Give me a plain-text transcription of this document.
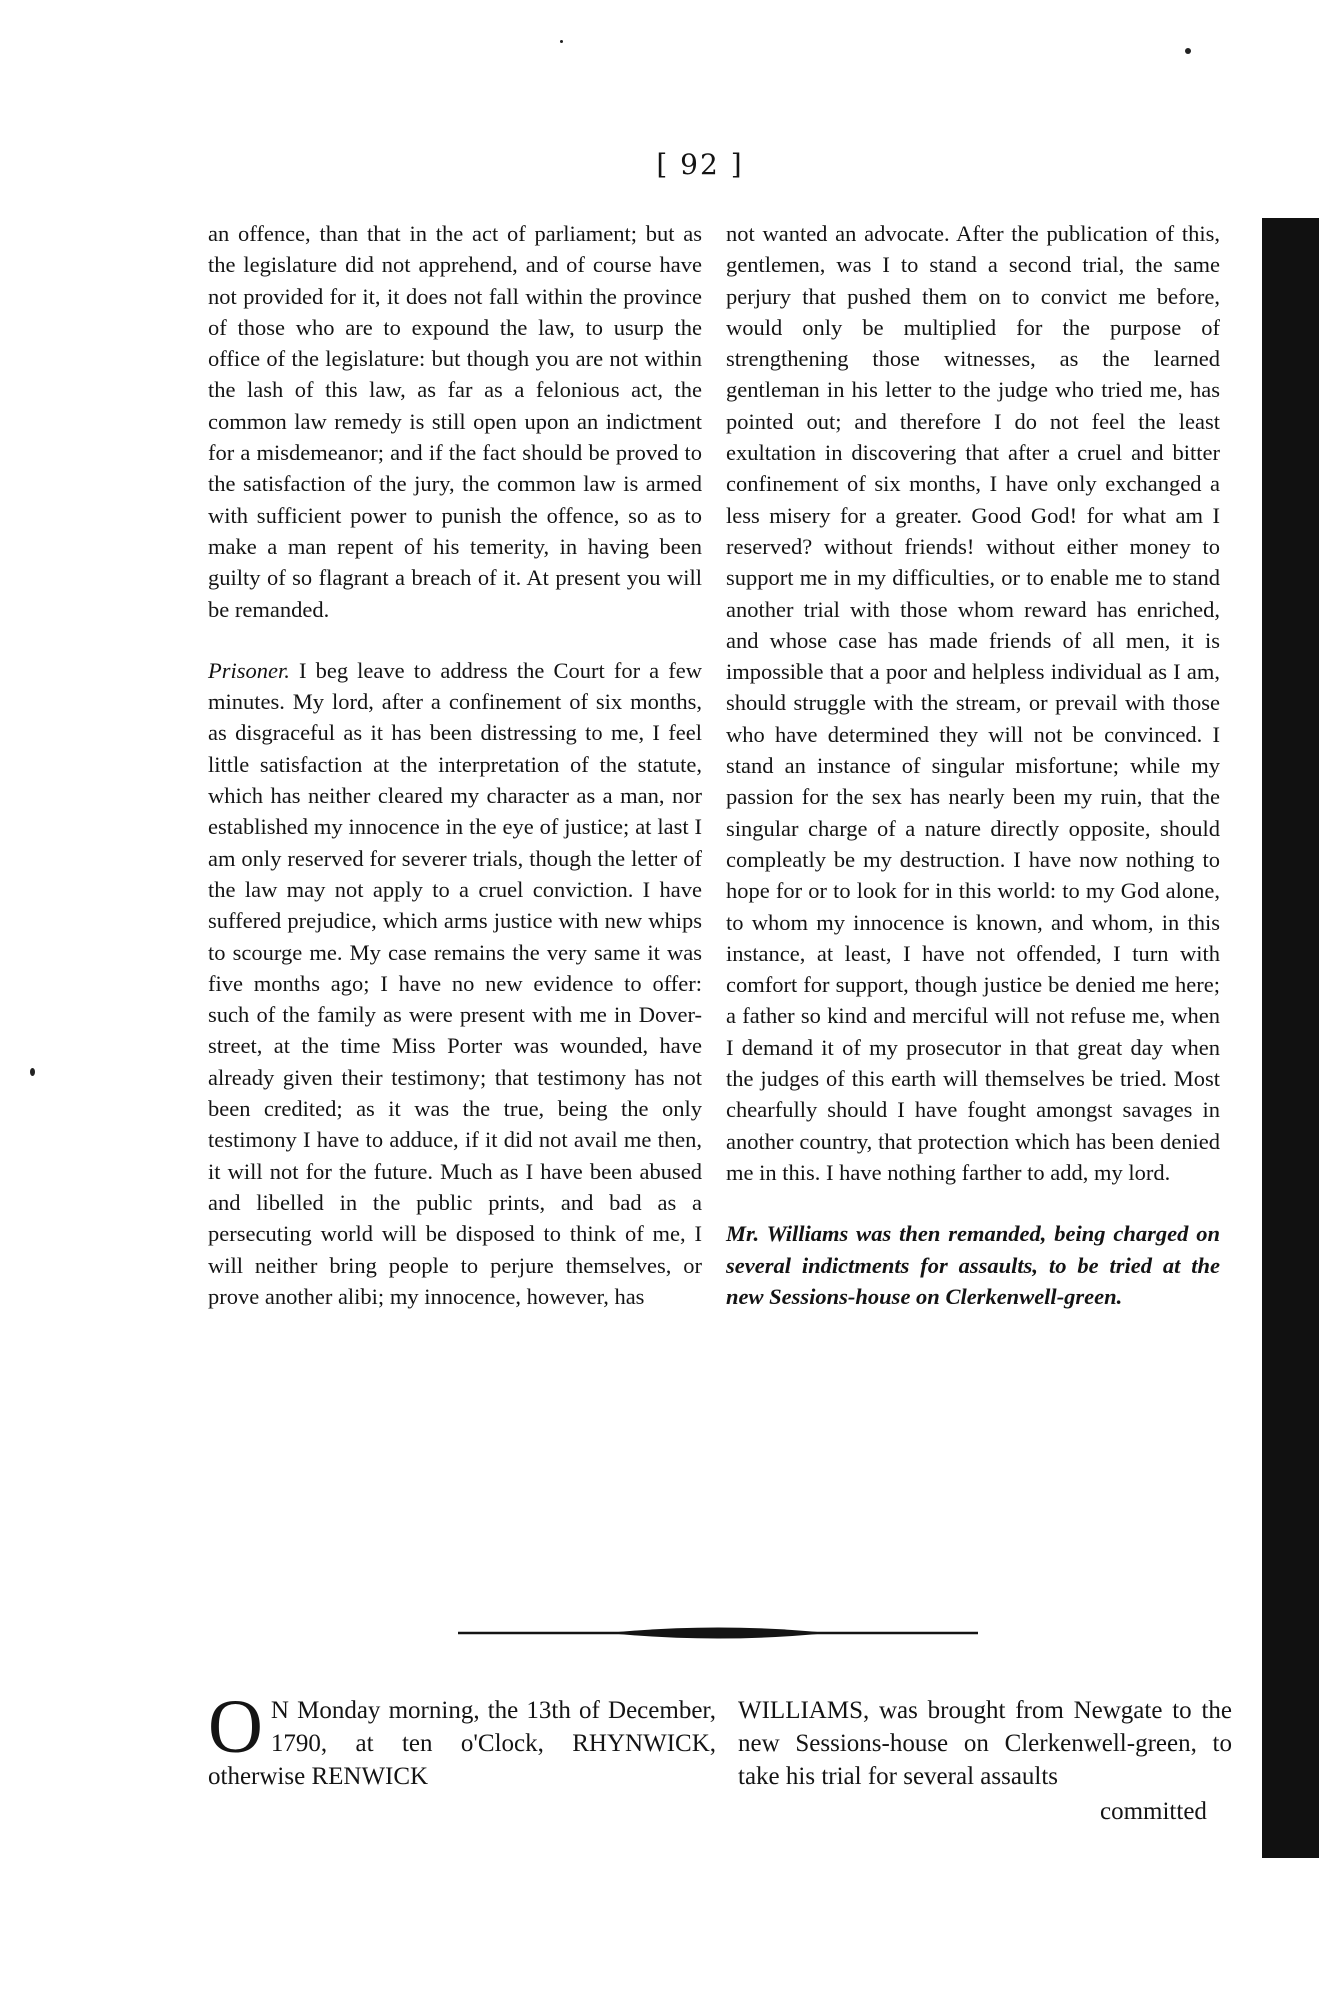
[ 92 ]

an offence, than that in the act of parliament; but as the legislature did not apprehend, and of course have not provided for it, it does not fall within the province of those who are to expound the law, to usurp the office of the legislature: but though you are not within the lash of this law, as far as a felonious act, the common law remedy is still open upon an indictment for a misdemeanor; and if the fact should be proved to the satisfaction of the jury, the common law is armed with sufficient power to punish the offence, so as to make a man repent of his temerity, in having been guilty of so flagrant a breach of it. At present you will be remanded.

Prisoner. I beg leave to address the Court for a few minutes. My lord, after a confinement of six months, as disgraceful as it has been distressing to me, I feel little satisfaction at the interpretation of the statute, which has neither cleared my character as a man, nor established my innocence in the eye of justice; at last I am only reserved for severer trials, though the letter of the law may not apply to a cruel conviction. I have suffered prejudice, which arms justice with new whips to scourge me. My case remains the very same it was five months ago; I have no new evidence to offer: such of the family as were present with me in Dover-street, at the time Miss Porter was wounded, have already given their testimony; that testimony has not been credited; as it was the true, being the only testimony I have to adduce, if it did not avail me then, it will not for the future. Much as I have been abused and libelled in the public prints, and bad as a persecuting world will be disposed to think of me, I will neither bring people to perjure themselves, or prove another alibi; my innocence, however, has

not wanted an advocate. After the publication of this, gentlemen, was I to stand a second trial, the same perjury that pushed them on to convict me before, would only be multiplied for the purpose of strengthening those witnesses, as the learned gentleman in his letter to the judge who tried me, has pointed out; and therefore I do not feel the least exultation in discovering that after a cruel and bitter confinement of six months, I have only exchanged a less misery for a greater. Good God! for what am I reserved? without friends! without either money to support me in my difficulties, or to enable me to stand another trial with those whom reward has enriched, and whose case has made friends of all men, it is impossible that a poor and helpless individual as I am, should struggle with the stream, or prevail with those who have determined they will not be convinced. I stand an instance of singular misfortune; while my passion for the sex has nearly been my ruin, that the singular charge of a nature directly opposite, should compleatly be my destruction. I have now nothing to hope for or to look for in this world: to my God alone, to whom my innocence is known, and whom, in this instance, at least, I have not offended, I turn with comfort for support, though justice be denied me here; a father so kind and merciful will not refuse me, when I demand it of my prosecutor in that great day when the judges of this earth will themselves be tried. Most chearfully should I have fought amongst savages in another country, that protection which has been denied me in this. I have nothing farther to add, my lord.

Mr. Williams was then remanded, being charged on several indictments for assaults, to be tried at the new Sessions-house on Clerkenwell-green.

O N Monday morning, the 13th of December, 1790, at ten o'Clock, RHYNWICK, otherwise RENWICK
WILLIAMS, was brought from Newgate to the new Sessions-house on Clerkenwell-green, to take his trial for several assaults
committed
